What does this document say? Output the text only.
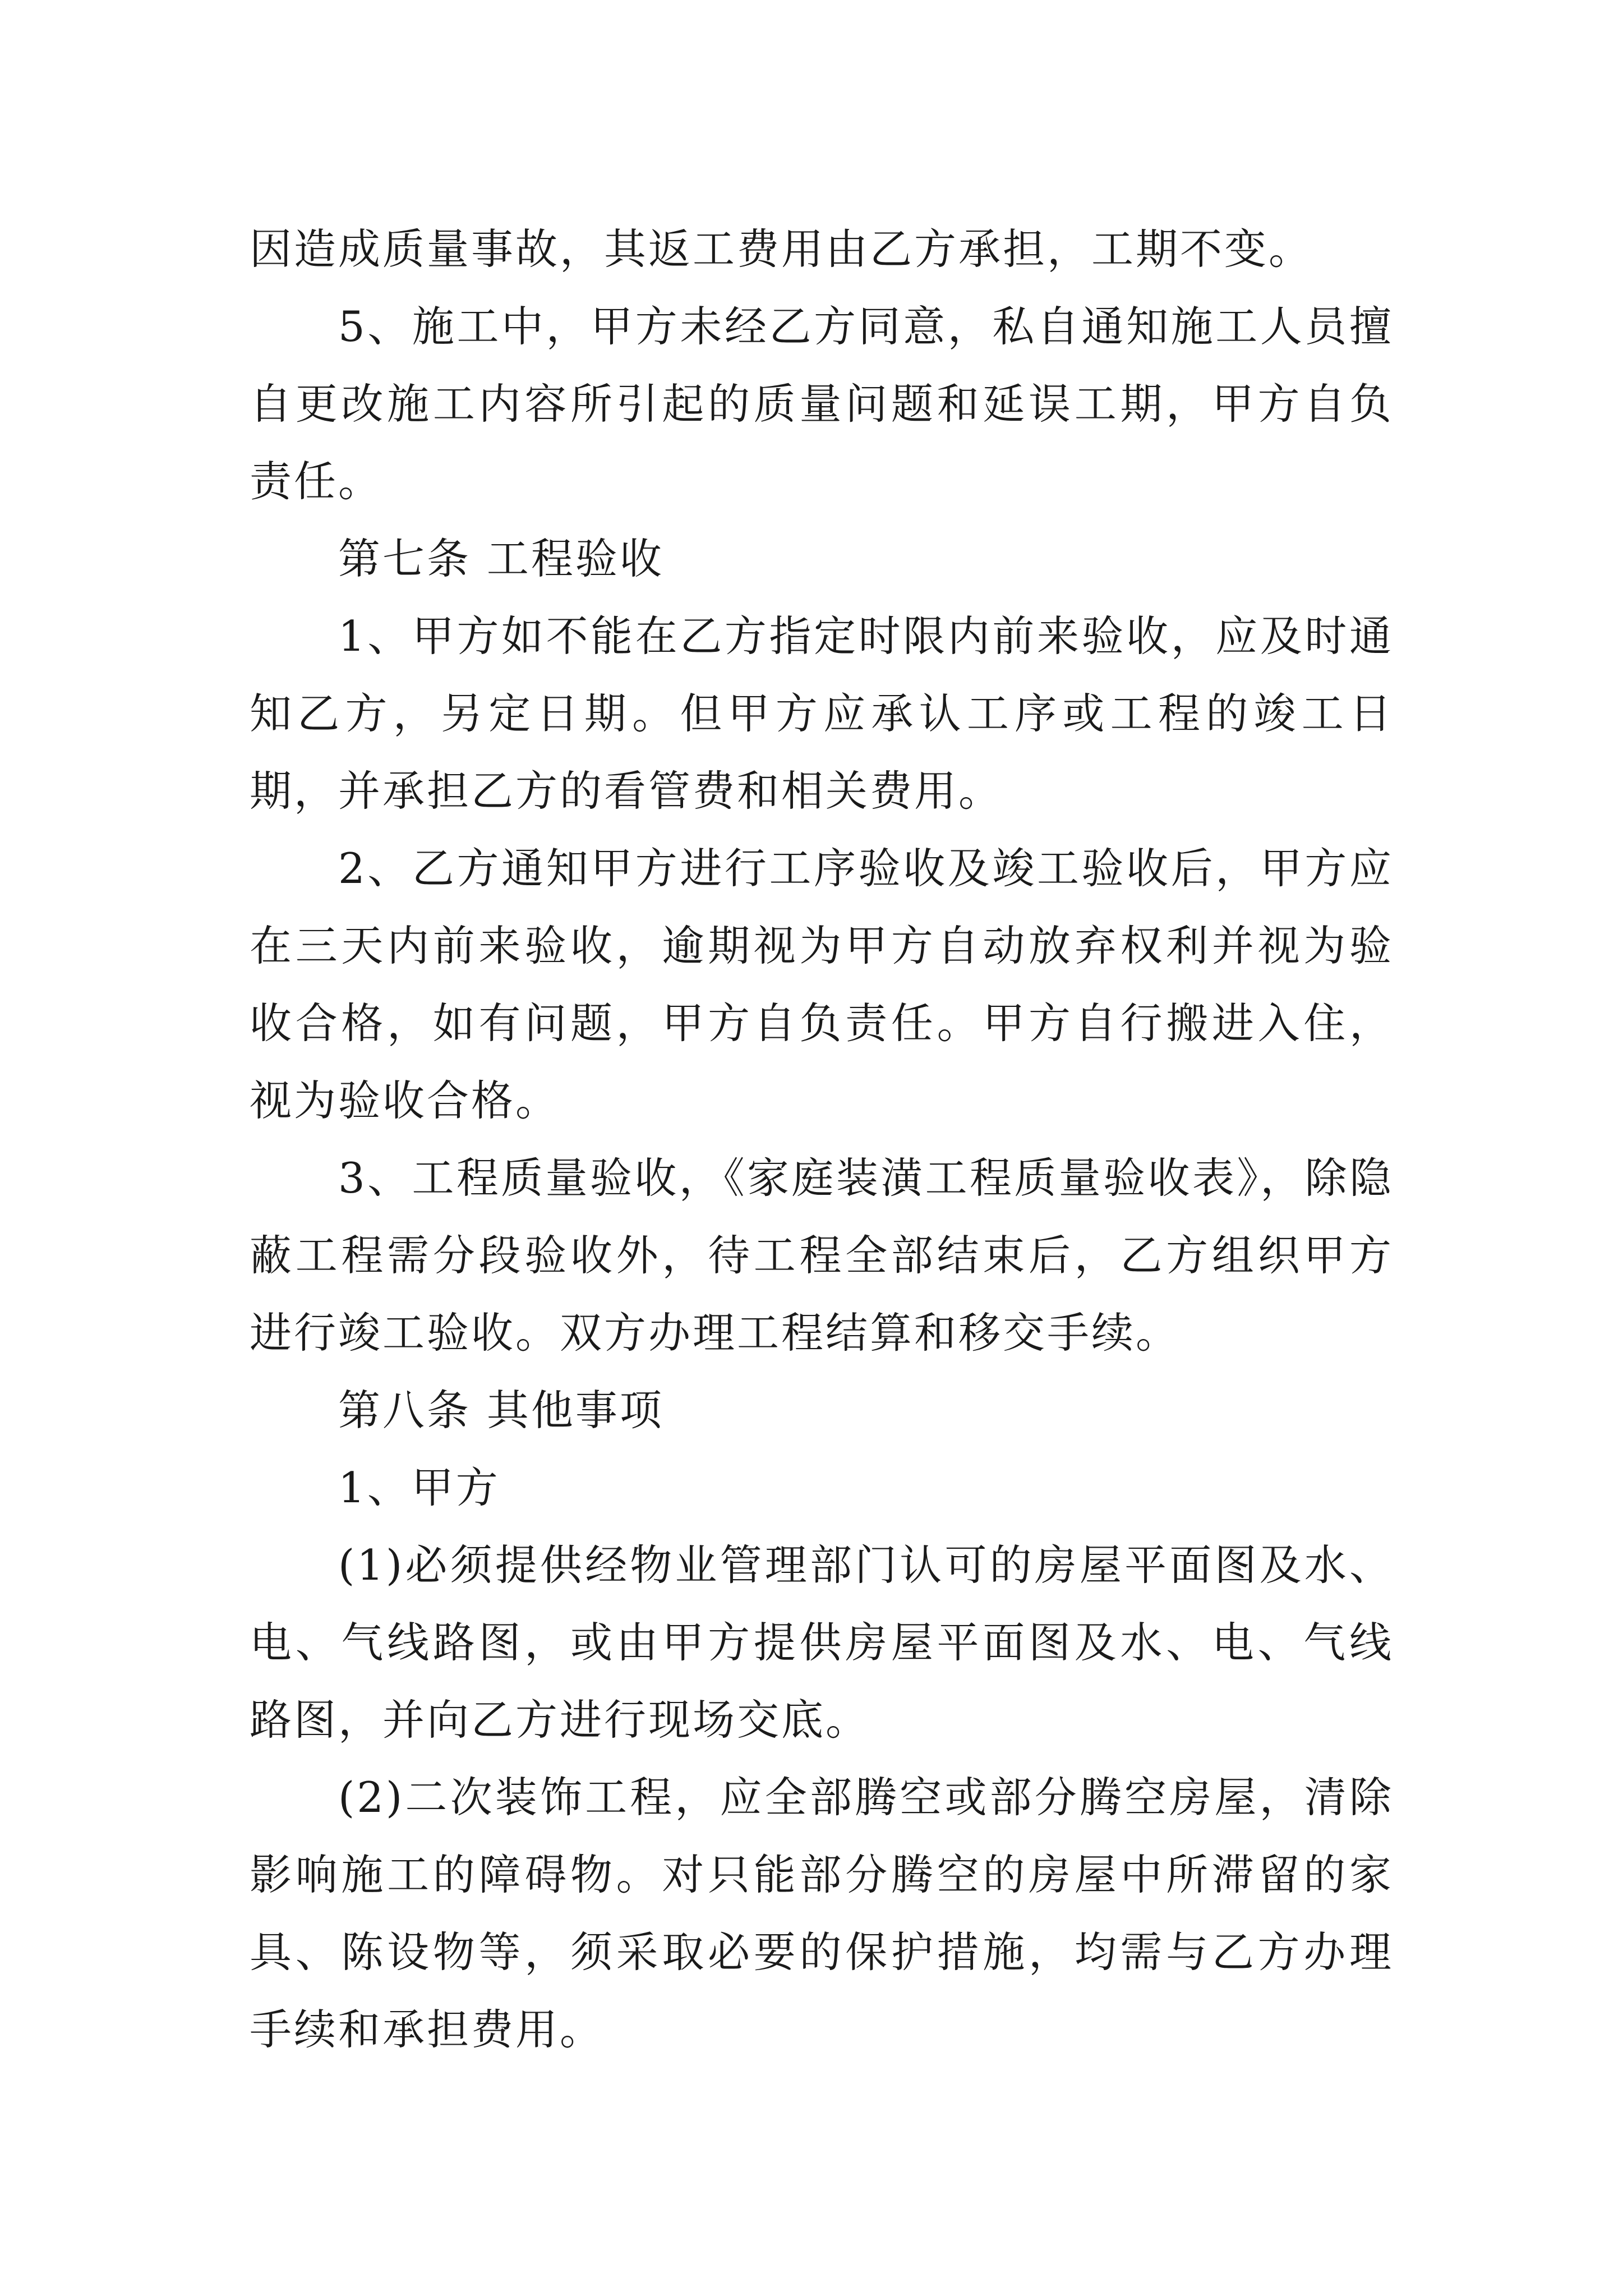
因造成质量事故，其返工费用由乙方承担，工期不变。

5、施工中，甲方未经乙方同意，私自通知施工人员擅自更改施工内容所引起的质量问题和延误工期，甲方自负责任。

第七条 工程验收

1、甲方如不能在乙方指定时限内前来验收，应及时通知乙方，另定日期。但甲方应承认工序或工程的竣工日期，并承担乙方的看管费和相关费用。

2、乙方通知甲方进行工序验收及竣工验收后，甲方应在三天内前来验收，逾期视为甲方自动放弃权利并视为验收合格，如有问题，甲方自负责任。甲方自行搬进入住，视为验收合格。

3、工程质量验收，《家庭装潢工程质量验收表》，除隐蔽工程需分段验收外，待工程全部结束后，乙方组织甲方进行竣工验收。双方办理工程结算和移交手续。

第八条 其他事项

1、甲方

(1)必须提供经物业管理部门认可的房屋平面图及水、电、气线路图，或由甲方提供房屋平面图及水、电、气线路图，并向乙方进行现场交底。

(2)二次装饰工程，应全部腾空或部分腾空房屋，清除影响施工的障碍物。对只能部分腾空的房屋中所滞留的家具、陈设物等，须采取必要的保护措施，均需与乙方办理手续和承担费用。
